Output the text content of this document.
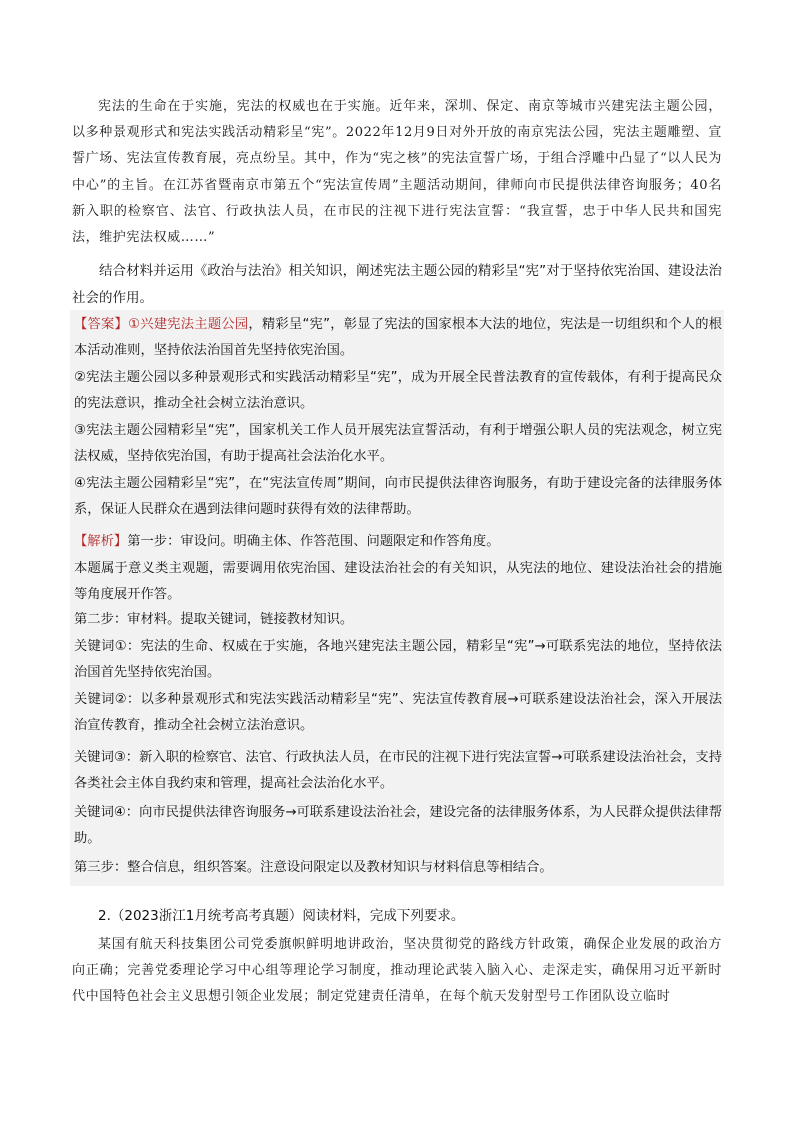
宪法的生命在于实施，宪法的权威也在于实施。近年来，深圳、保定、南京等城市兴建宪法主题公园，以多种景观形式和宪法实践活动精彩呈“宪”。2022年12月9日对外开放的南京宪法公园，宪法主题雕塑、宣誓广场、宪法宣传教育展，亮点纷呈。其中，作为“宪之核”的宪法宣誓广场，于组合浮雕中凸显了“以人民为中心”的主旨。在江苏省暨南京市第五个“宪法宣传周”主题活动期间，律师向市民提供法律咨询服务；40名新入职的检察官、法官、行政执法人员，在市民的注视下进行宪法宣誓：“我宣誓，忠于中华人民共和国宪法，维护宪法权威……”

结合材料并运用《政治与法治》相关知识，阐述宪法主题公园的精彩呈“宪”对于坚持依宪治国、建设法治社会的作用。

【答案】①兴建宪法主题公园，精彩呈“宪”，彰显了宪法的国家根本大法的地位，宪法是一切组织和个人的根本活动准则，坚持依法治国首先坚持依宪治国。

②宪法主题公园以多种景观形式和实践活动精彩呈“宪”，成为开展全民普法教育的宣传载体，有利于提高民众的宪法意识，推动全社会树立法治意识。

③宪法主题公园精彩呈“宪”，国家机关工作人员开展宪法宣誓活动，有利于增强公职人员的宪法观念，树立宪法权威，坚持依宪治国，有助于提高社会法治化水平。

④宪法主题公园精彩呈“宪”，在“宪法宣传周”期间，向市民提供法律咨询服务，有助于建设完备的法律服务体系，保证人民群众在遇到法律问题时获得有效的法律帮助。

【解析】第一步：审设问。明确主体、作答范围、问题限定和作答角度。

本题属于意义类主观题，需要调用依宪治国、建设法治社会的有关知识，从宪法的地位、建设法治社会的措施等角度展开作答。

第二步：审材料。提取关键词，链接教材知识。

关键词①：宪法的生命、权威在于实施，各地兴建宪法主题公园，精彩呈“宪”→可联系宪法的地位，坚持依法治国首先坚持依宪治国。

关键词②：以多种景观形式和宪法实践活动精彩呈“宪”、宪法宣传教育展→可联系建设法治社会，深入开展法治宣传教育，推动全社会树立法治意识。

关键词③：新入职的检察官、法官、行政执法人员，在市民的注视下进行宪法宣誓→可联系建设法治社会，支持各类社会主体自我约束和管理，提高社会法治化水平。

关键词④：向市民提供法律咨询服务→可联系建设法治社会，建设完备的法律服务体系，为人民群众提供法律帮助。

第三步：整合信息，组织答案。注意设问限定以及教材知识与材料信息等相结合。

2.（2023浙江1月统考高考真题）阅读材料，完成下列要求。

某国有航天科技集团公司党委旗帜鲜明地讲政治，坚决贯彻党的路线方针政策，确保企业发展的政治方向正确；完善党委理论学习中心组等理论学习制度，推动理论武装入脑入心、走深走实，确保用习近平新时代中国特色社会主义思想引领企业发展；制定党建责任清单，在每个航天发射型号工作团队设立临时
